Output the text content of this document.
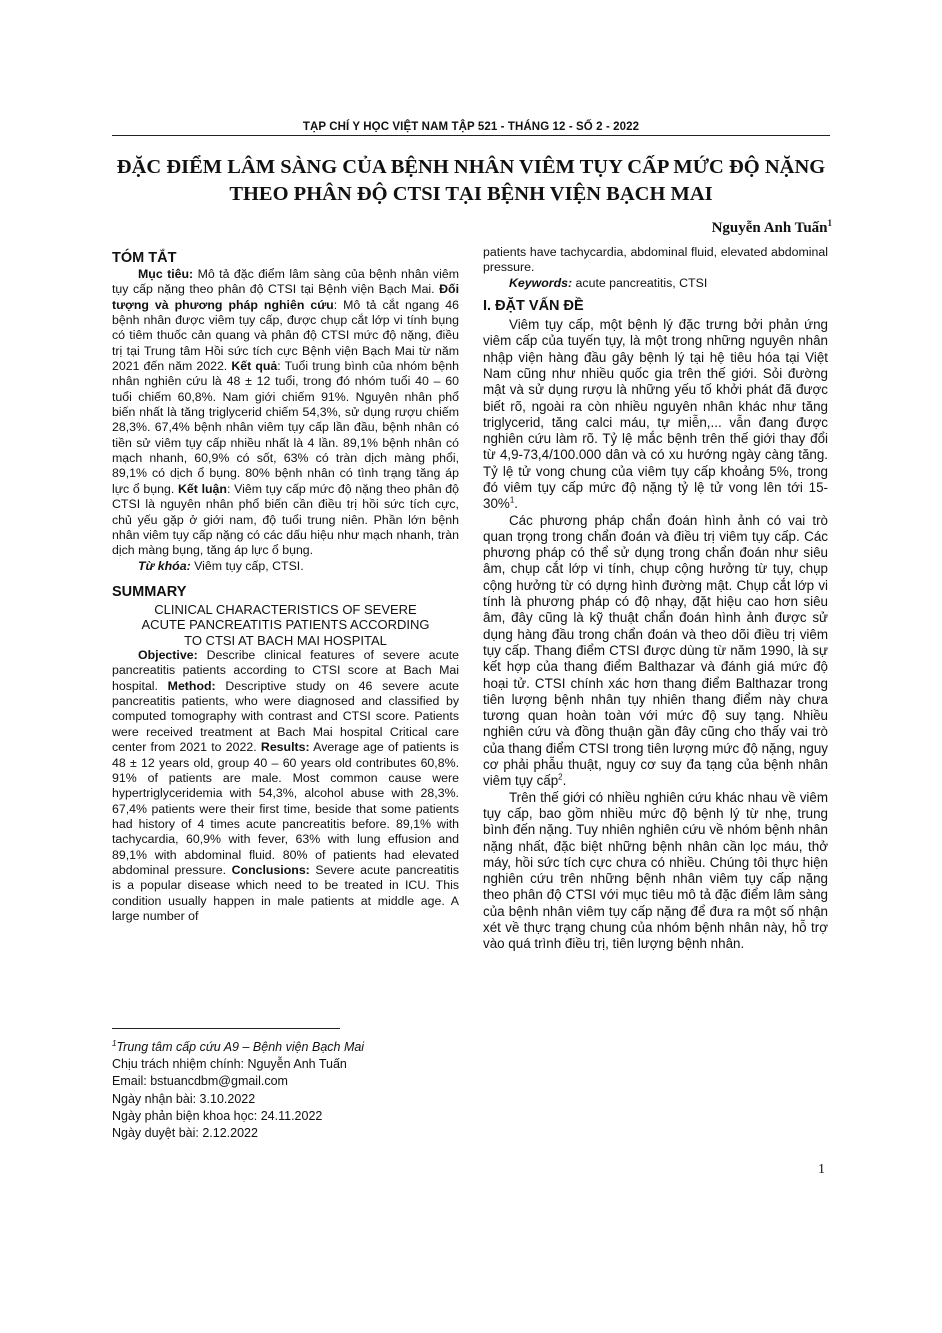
TẠP CHÍ Y HỌC VIỆT NAM TẬP 521 - THÁNG 12 - SỐ 2 - 2022
ĐẶC ĐIỂM LÂM SÀNG CỦA BỆNH NHÂN VIÊM TỤY CẤP MỨC ĐỘ NẶNG
THEO PHÂN ĐỘ CTSI TẠI BỆNH VIỆN BẠCH MAI
Nguyễn Anh Tuấn$^1$
TÓM TẮT

Mục tiêu: Mô tả đặc điểm lâm sàng của bệnh nhân viêm tụy cấp nặng theo phân độ CTSI tại Bệnh viện Bạch Mai. Đối tượng và phương pháp nghiên cứu: Mô tả cắt ngang 46 bệnh nhân được viêm tụy cấp, được chụp cắt lớp vi tính bụng có tiêm thuốc cản quang và phân độ CTSI mức độ nặng, điều trị tại Trung tâm Hồi sức tích cực Bệnh viện Bạch Mai từ năm 2021 đến năm 2022. Kết quả: Tuổi trung bình của nhóm bệnh nhân nghiên cứu là 48 ± 12 tuổi, trong đó nhóm tuổi 40 – 60 tuổi chiếm 60,8%. Nam giới chiếm 91%. Nguyên nhân phổ biến nhất là tăng triglycerid chiếm 54,3%, sử dụng rượu chiếm 28,3%. 67,4% bệnh nhân viêm tụy cấp lần đầu, bệnh nhân có tiền sử viêm tụy cấp nhiều nhất là 4 lần. 89,1% bệnh nhân có mạch nhanh, 60,9% có sốt, 63% có tràn dịch màng phổi, 89,1% có dịch ổ bụng. 80% bệnh nhân có tình trạng tăng áp lực ổ bụng. Kết luận: Viêm tụy cấp mức độ nặng theo phân độ CTSI là nguyên nhân phổ biến cần điều trị hồi sức tích cực, chủ yếu gặp ở giới nam, độ tuổi trung niên. Phần lớn bệnh nhân viêm tụy cấp nặng có các dấu hiệu như mạch nhanh, tràn dịch màng bụng, tăng áp lực ổ bụng.

Từ khóa: Viêm tụy cấp, CTSI.

SUMMARY
CLINICAL CHARACTERISTICS OF SEVERE
ACUTE PANCREATITIS PATIENTS ACCORDING
TO CTSI AT BACH MAI HOSPITAL

Objective: Describe clinical features of severe acute pancreatitis patients according to CTSI score at Bach Mai hospital. Method: Descriptive study on 46 severe acute pancreatitis patients, who were diagnosed and classified by computed tomography with contrast and CTSI score. Patients were received treatment at Bach Mai hospital Critical care center from 2021 to 2022. Results: Average age of patients is 48 ± 12 years old, group 40 – 60 years old contributes 60,8%. 91% of patients are male. Most common cause were hypertriglyceridemia with 54,3%, alcohol abuse with 28,3%. 67,4% patients were their first time, beside that some patients had history of 4 times acute pancreatitis before. 89,1% with tachycardia, 60,9% with fever, 63% with lung effusion and 89,1% with abdominal fluid. 80% of patients had elevated abdominal pressure. Conclusions: Severe acute pancreatitis is a popular disease which need to be treated in ICU. This condition usually happen in male patients at middle age. A large number of

$^1$Trung tâm cấp cứu A9 – Bệnh viện Bạch Mai
Chịu trách nhiệm chính: Nguyễn Anh Tuấn
Email: bstuancdbm@gmail.com
Ngày nhận bài: 3.10.2022
Ngày phản biện khoa học: 24.11.2022
Ngày duyệt bài: 2.12.2022

patients have tachycardia, abdominal fluid, elevated abdominal pressure.

Keywords: acute pancreatitis, CTSI

I. ĐẶT VẤN ĐỀ

Viêm tụy cấp, một bệnh lý đặc trưng bởi phản ứng viêm cấp của tuyến tụy, là một trong những nguyên nhân nhập viện hàng đầu gây bệnh lý tại hệ tiêu hóa tại Việt Nam cũng như nhiều quốc gia trên thế giới. Sỏi đường mật và sử dụng rượu là những yếu tố khởi phát đã được biết rõ, ngoài ra còn nhiều nguyên nhân khác như tăng triglycerid, tăng calci máu, tự miễn,... vẫn đang được nghiên cứu làm rõ. Tỷ lệ mắc bệnh trên thế giới thay đổi từ 4,9-73,4/100.000 dân và có xu hướng ngày càng tăng. Tỷ lệ tử vong chung của viêm tụy cấp khoảng 5%, trong đó viêm tụy cấp mức độ nặng tỷ lệ tử vong lên tới 15-30%$^1$.

Các phương pháp chẩn đoán hình ảnh có vai trò quan trọng trong chẩn đoán và điều trị viêm tụy cấp. Các phương pháp có thể sử dụng trong chẩn đoán như siêu âm, chụp cắt lớp vi tính, chụp cộng hưởng từ tụy, chụp cộng hưởng từ có dựng hình đường mật. Chụp cắt lớp vi tính là phương pháp có độ nhạy, đặt hiệu cao hơn siêu âm, đây cũng là kỹ thuật chẩn đoán hình ảnh được sử dụng hàng đầu trong chẩn đoán và theo dõi điều trị viêm tụy cấp. Thang điểm CTSI được dùng từ năm 1990, là sự kết hợp của thang điểm Balthazar và đánh giá mức độ hoại tử. CTSI chính xác hơn thang điểm Balthazar trong tiên lượng bệnh nhân tụy nhiên thang điểm này chưa tương quan hoàn toàn với mức độ suy tạng. Nhiều nghiên cứu và đồng thuận gần đây cũng cho thấy vai trò của thang điểm CTSI trong tiên lượng mức độ nặng, nguy cơ phải phẫu thuật, nguy cơ suy đa tạng của bệnh nhân viêm tụy cấp$^2$.

Trên thế giới có nhiều nghiên cứu khác nhau về viêm tụy cấp, bao gồm nhiều mức độ bệnh lý từ nhẹ, trung bình đến nặng. Tuy nhiên nghiên cứu về nhóm bệnh nhân nặng nhất, đặc biệt những bệnh nhân cần lọc máu, thở máy, hồi sức tích cực chưa có nhiều. Chúng tôi thực hiện nghiên cứu trên những bệnh nhân viêm tụy cấp nặng theo phân độ CTSI với mục tiêu mô tả đặc điểm lâm sàng của bệnh nhân viêm tụy cấp nặng để đưa ra một số nhận xét về thực trạng chung của nhóm bệnh nhân này, hỗ trợ vào quá trình điều trị, tiên lượng bệnh nhân.

1
